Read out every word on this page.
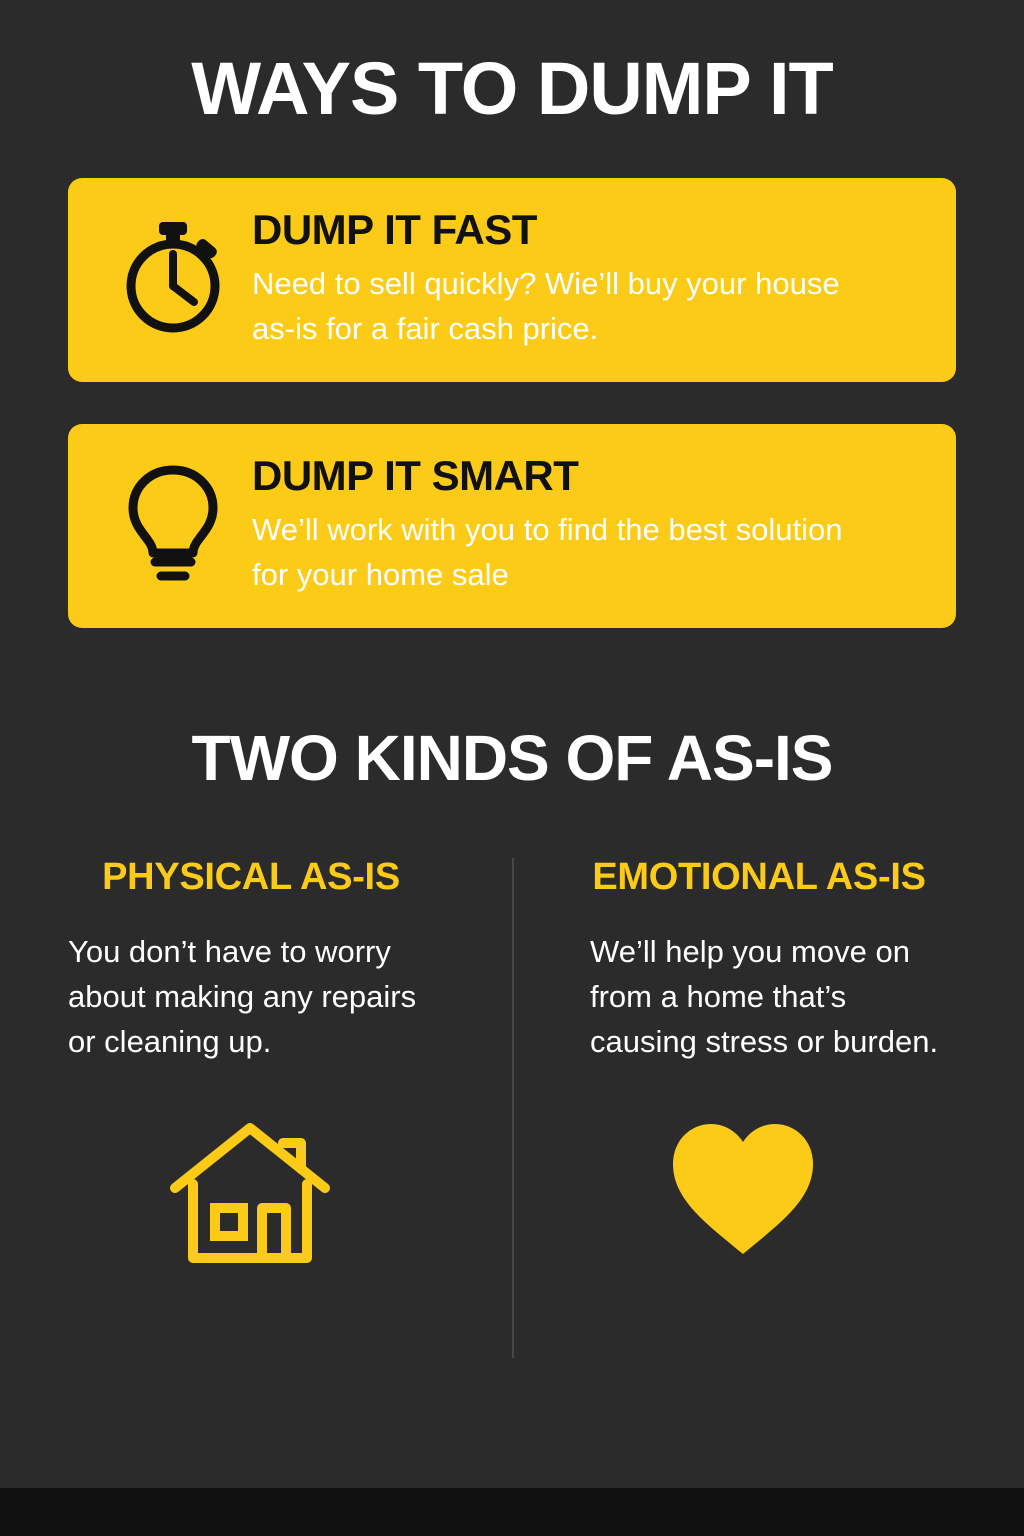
WAYS TO DUMP IT
DUMP IT FAST

Need to sell quickly? Wie’ll buy your house as-is for a fair cash price.

DUMP IT SMART

We’ll work with you to find the best solution for your home sale

TWO KINDS OF AS-IS
PHYSICAL AS-IS

You don’t have to worry about making any repairs or cleaning up.

EMOTIONAL AS-IS

We’ll help you move on from a home that’s causing stress or burden.
